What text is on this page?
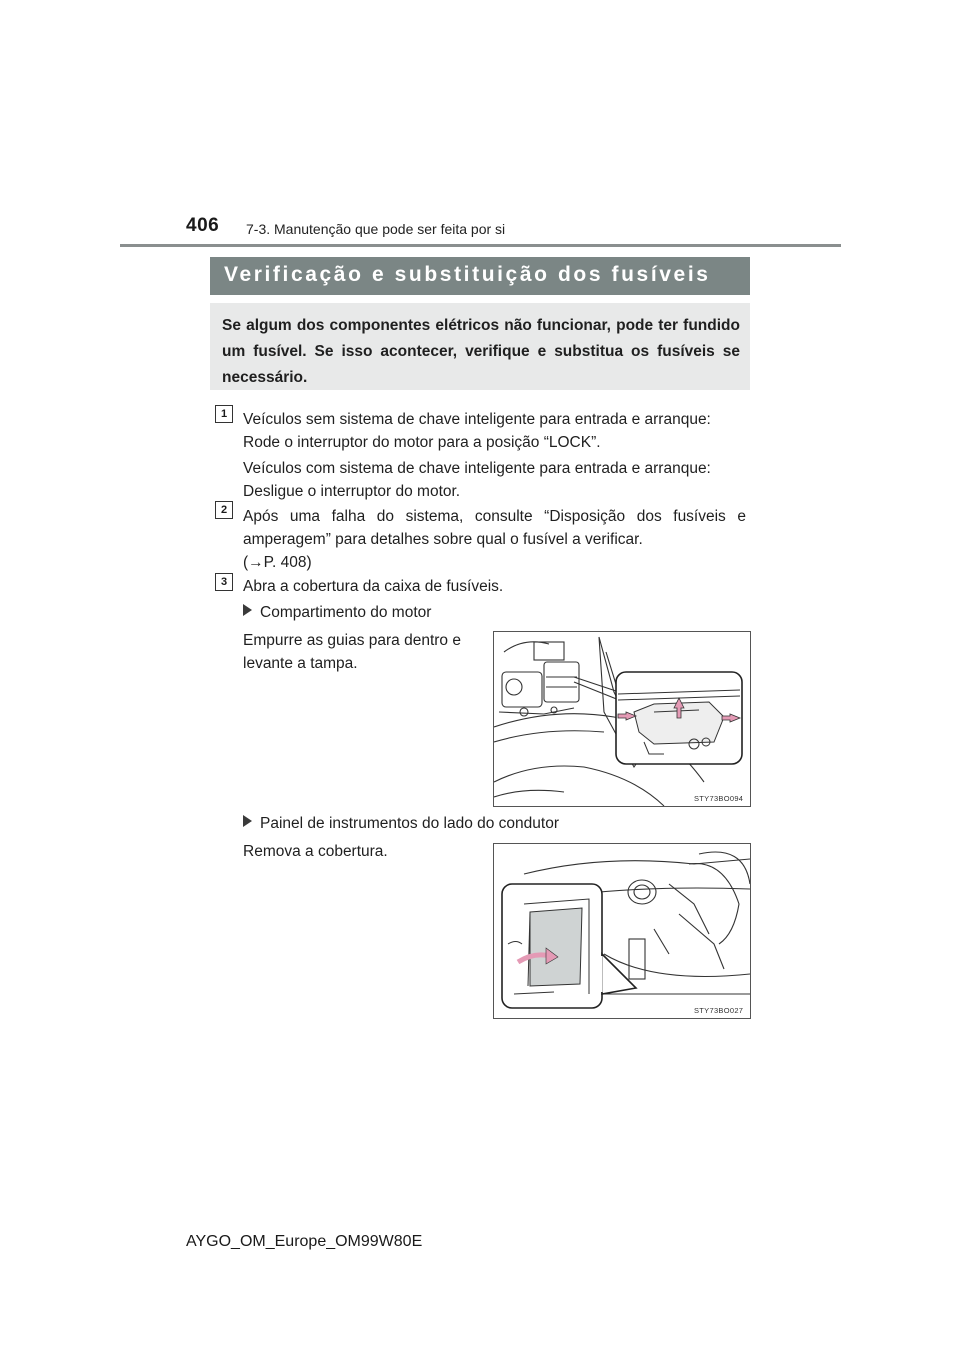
406 7-3. Manutenção que pode ser feita por si
Verificação e substituição dos fusíveis
Se algum dos componentes elétricos não funcionar, pode ter fundido um fusível. Se isso acontecer, verifique e substitua os fusíveis se necessário.
1	Veículos sem sistema de chave inteligente para entrada e arranque:
Rode o interruptor do motor para a posição “LOCK”.
Veículos com sistema de chave inteligente para entrada e arranque:
Desligue o interruptor do motor.
2	Após uma falha do sistema, consulte “Disposição dos fusíveis e amperagem” para detalhes sobre qual o fusível a verificar.
(→P. 408)
3	Abra a cobertura da caixa de fusíveis.
Compartimento do motor
Empurre as guias para dentro e levante a tampa.
STY73BO094
Painel de instrumentos do lado do condutor
Remova a cobertura.
STY73BO027
AYGO_OM_Europe_OM99W80E
